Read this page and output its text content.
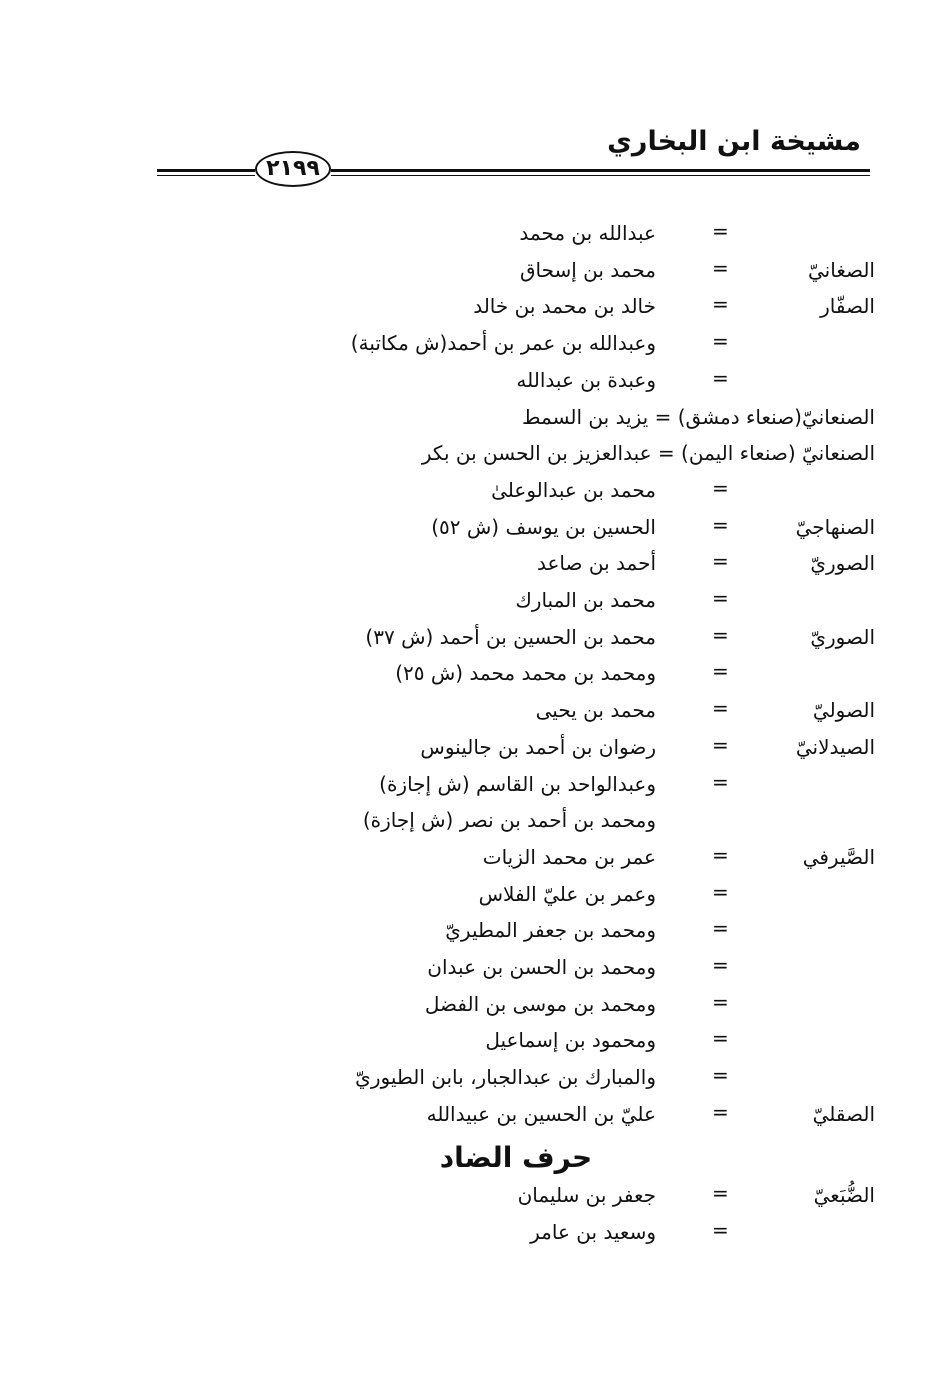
مشيخة ابن البخاري
٢١٩٩
=
عبدالله بن محمد
الصغانيّ
=
محمد بن إسحاق
الصفّار
=
خالد بن محمد بن خالد
=
وعبدالله بن عمر بن أحمد(ش مكاتبة)
=
وعبدة بن عبدالله
الصنعانيّ(صنعاء دمشق) = يزيد بن السمط
الصنعانيّ (صنعاء اليمن) = عبدالعزيز بن الحسن بن بكر
=
محمد بن عبدالوعلىٰ
الصنهاجيّ
=
الحسين بن يوسف (ش ٥٢)
الصوريّ
=
أحمد بن صاعد
=
محمد بن المبارك
الصوريّ
=
محمد بن الحسين بن أحمد (ش ٣٧)
=
ومحمد بن محمد محمد (ش ٢٥)
الصوليّ
=
محمد بن يحيى
الصيدلانيّ
=
رضوان بن أحمد بن جالينوس
=
وعبدالواحد بن القاسم (ش إجازة)
ومحمد بن أحمد بن نصر (ش إجازة)
الصَّيرفي
=
عمر بن محمد الزيات
=
وعمر بن عليّ الفلاس
=
ومحمد بن جعفر المطيريّ
=
ومحمد بن الحسن بن عبدان
=
ومحمد بن موسى بن الفضل
=
ومحمود بن إسماعيل
=
والمبارك بن عبدالجبار، بابن الطيوريّ
الصقليّ
=
عليّ بن الحسين بن عبيدالله
حرف الضاد
الضُّبَعيّ
=
جعفر بن سليمان
=
وسعيد بن عامر
